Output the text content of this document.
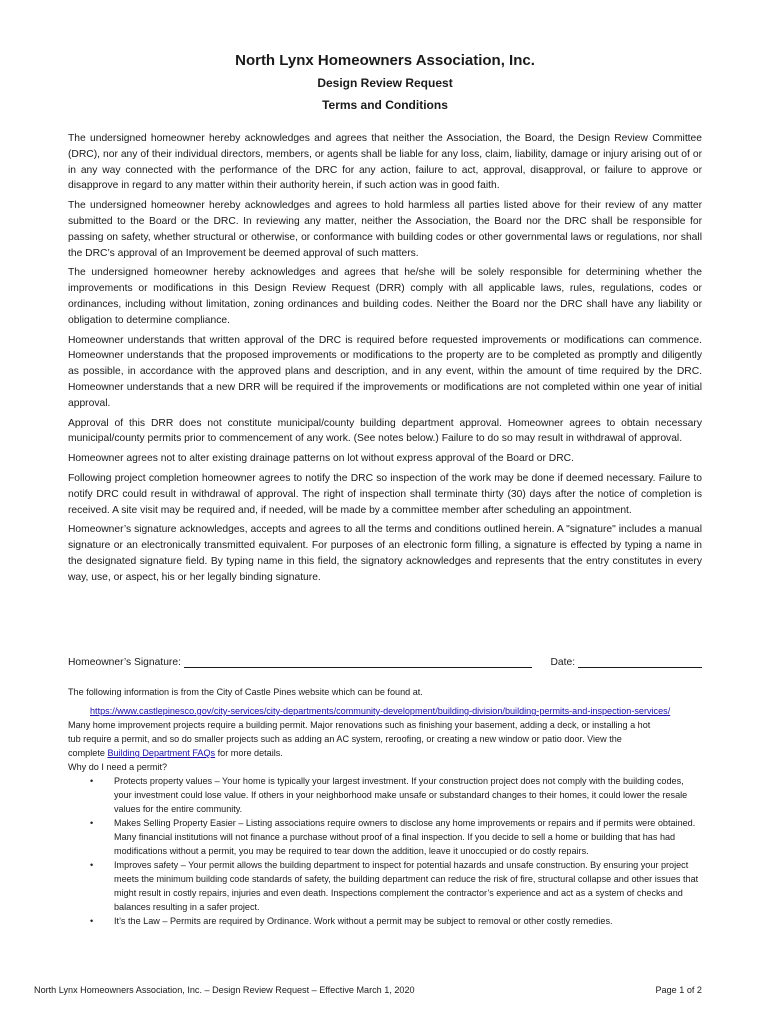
North Lynx Homeowners Association, Inc.
Design Review Request
Terms and Conditions

The undersigned homeowner hereby acknowledges and agrees that neither the Association, the Board, the Design Review Committee (DRC), nor any of their individual directors, members, or agents shall be liable for any loss, claim, liability, damage or injury arising out of or in any way connected with the performance of the DRC for any action, failure to act, approval, disapproval, or failure to approve or disapprove in regard to any matter within their authority herein, if such action was in good faith.

The undersigned homeowner hereby acknowledges and agrees to hold harmless all parties listed above for their review of any matter submitted to the Board or the DRC. In reviewing any matter, neither the Association, the Board nor the DRC shall be responsible for passing on safety, whether structural or otherwise, or conformance with building codes or other governmental laws or regulations, nor shall the DRC’s approval of an Improvement be deemed approval of such matters.

The undersigned homeowner hereby acknowledges and agrees that he/she will be solely responsible for determining whether the improvements or modifications in this Design Review Request (DRR) comply with all applicable laws, rules, regulations, codes or ordinances, including without limitation, zoning ordinances and building codes. Neither the Board nor the DRC shall have any liability or obligation to determine compliance.

Homeowner understands that written approval of the DRC is required before requested improvements or modifications can commence. Homeowner understands that the proposed improvements or modifications to the property are to be completed as promptly and diligently as possible, in accordance with the approved plans and description, and in any event, within the amount of time required by the DRC. Homeowner understands that a new DRR will be required if the improvements or modifications are not completed within one year of initial approval.

Approval of this DRR does not constitute municipal/county building department approval. Homeowner agrees to obtain necessary municipal/county permits prior to commencement of any work. (See notes below.) Failure to do so may result in withdrawal of approval.

Homeowner agrees not to alter existing drainage patterns on lot without express approval of the Board or DRC.

Following project completion homeowner agrees to notify the DRC so inspection of the work may be done if deemed necessary. Failure to notify DRC could result in withdrawal of approval. The right of inspection shall terminate thirty (30) days after the notice of completion is received. A site visit may be required and, if needed, will be made by a committee member after scheduling an appointment.

Homeowner’s signature acknowledges, accepts and agrees to all the terms and conditions outlined herein. A "signature" includes a manual signature or an electronically transmitted equivalent. For purposes of an electronic form filling, a signature is effected by typing a name in the designated signature field. By typing name in this field, the signatory acknowledges and represents that the entry constitutes in every way, use, or aspect, his or her legally binding signature.

Homeowner’s Signature:	Date:

The following information is from the City of Castle Pines website which can be found at.

https://www.castlepinesco.gov/city-services/city-departments/community-development/building-division/building-permits-and-inspection-services/

Many home improvement projects require a building permit. Major renovations such as finishing your basement, adding a deck, or installing a hot tub require a permit, and so do smaller projects such as adding an AC system, reroofing, or creating a new window or patio door. View the complete Building Department FAQs for more details.

Why do I need a permit?

• Protects property values – Your home is typically your largest investment. If your construction project does not comply with the building codes, your investment could lose value. If others in your neighborhood make unsafe or substandard changes to their homes, it could lower the resale values for the entire community.
• Makes Selling Property Easier – Listing associations require owners to disclose any home improvements or repairs and if permits were obtained. Many financial institutions will not finance a purchase without proof of a final inspection. If you decide to sell a home or building that has had modifications without a permit, you may be required to tear down the addition, leave it unoccupied or do costly repairs.
• Improves safety – Your permit allows the building department to inspect for potential hazards and unsafe construction. By ensuring your project meets the minimum building code standards of safety, the building department can reduce the risk of fire, structural collapse and other issues that might result in costly repairs, injuries and even death. Inspections complement the contractor’s experience and act as a system of checks and balances resulting in a safer project.
• It’s the Law – Permits are required by Ordinance. Work without a permit may be subject to removal or other costly remedies.
North Lynx Homeowners Association, Inc. – Design Review Request – Effective March 1, 2020	Page 1 of 2
